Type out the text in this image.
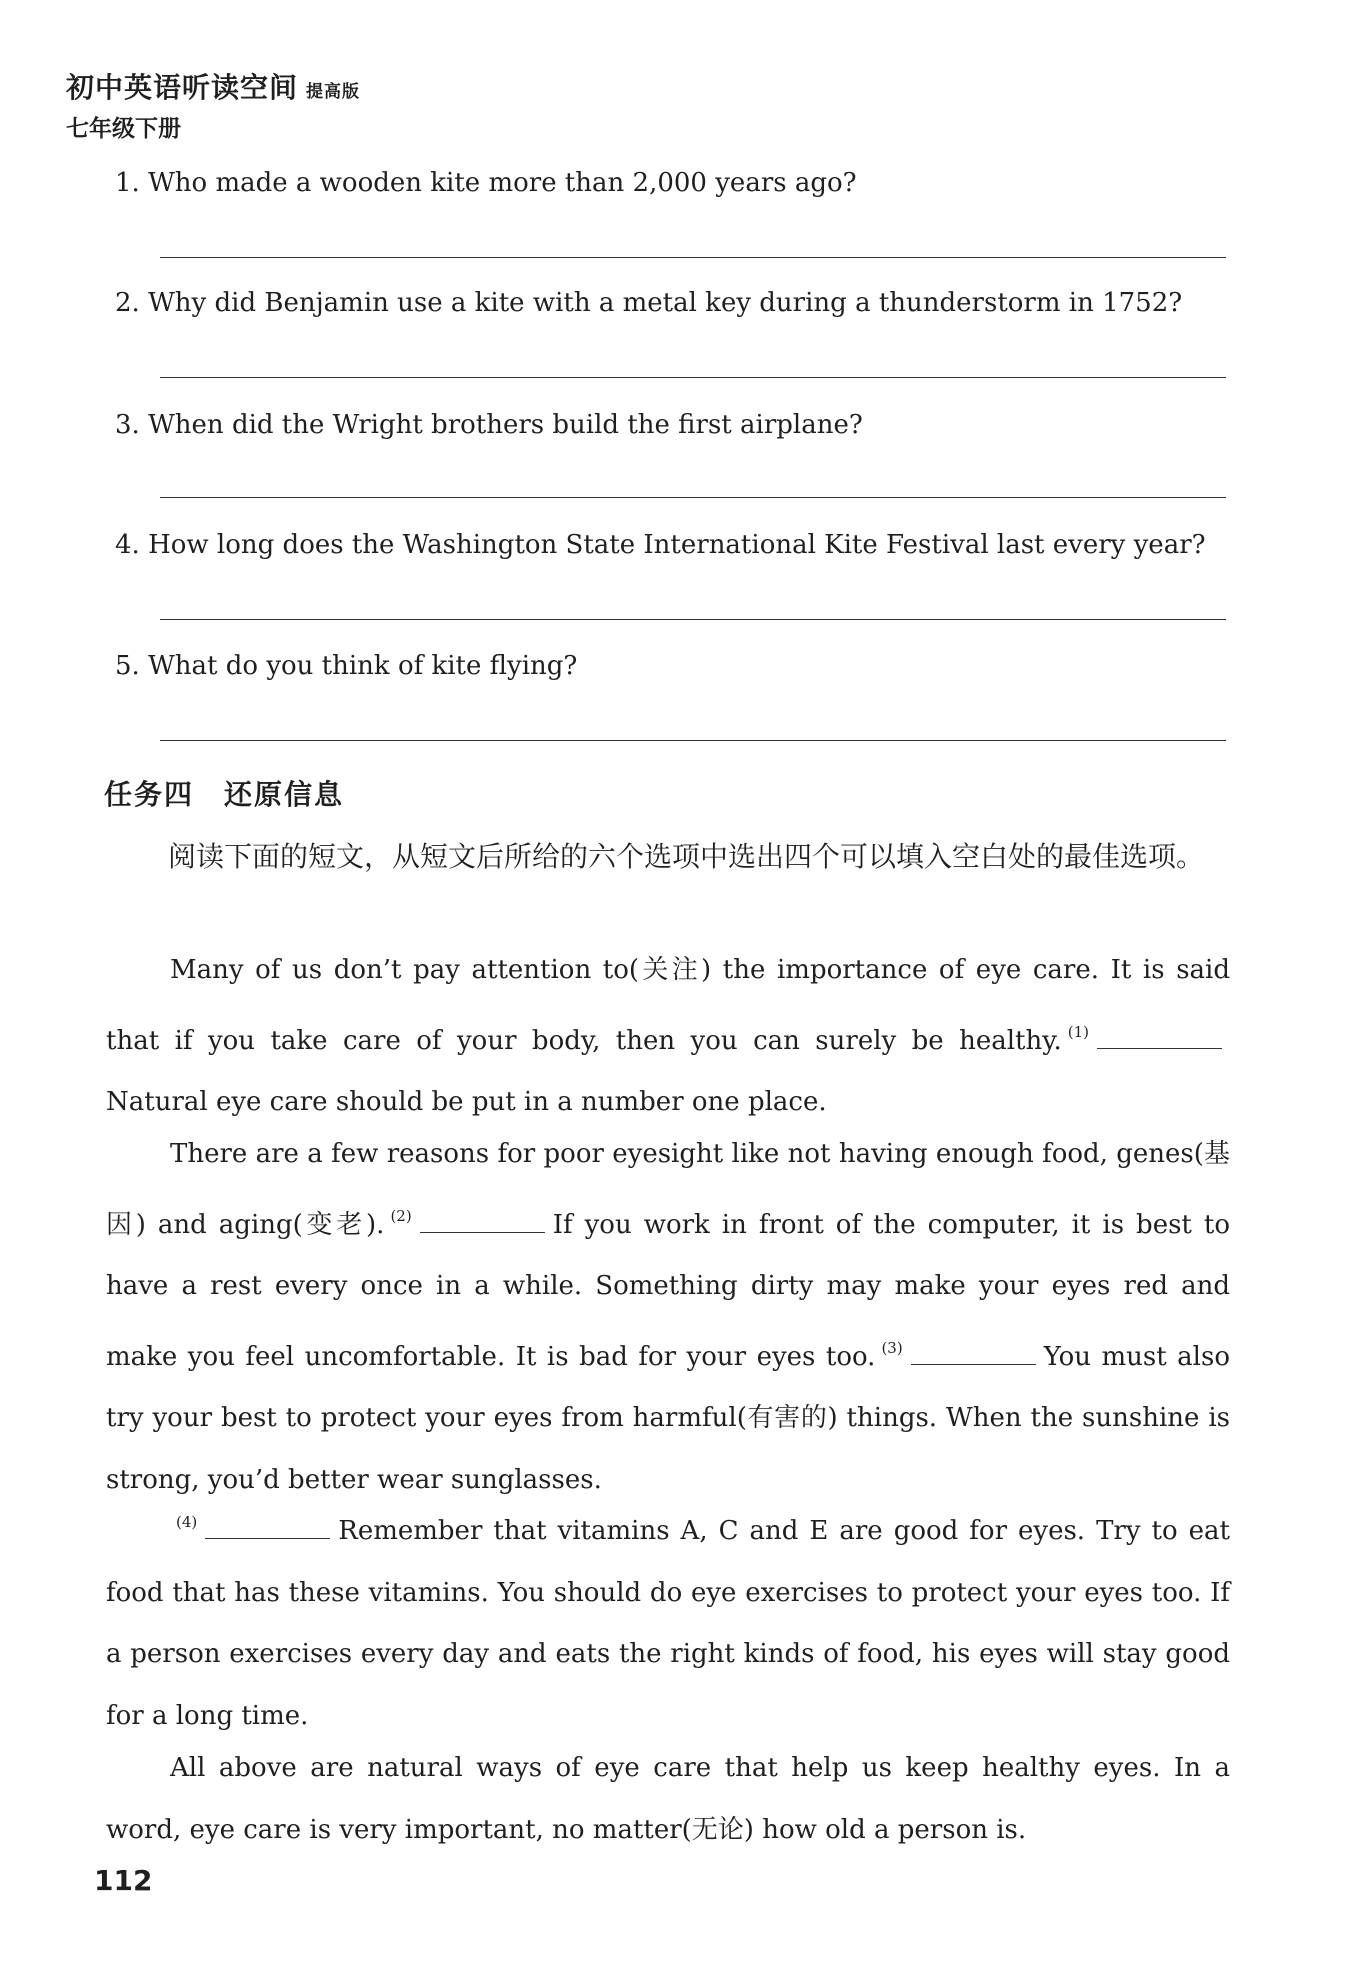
初中英语听读空间 提高版
七年级下册
1. Who made a wooden kite more than 2,000 years ago?
2. Why did Benjamin use a kite with a metal key during a thunderstorm in 1752?
3. When did the Wright brothers build the first airplane?
4. How long does the Washington State International Kite Festival last every year?
5. What do you think of kite flying?
任务四　还原信息
阅读下面的短文，从短文后所给的六个选项中选出四个可以填入空白处的最佳选项。
Many of us don’t pay attention to(关注) the importance of eye care. It is said that if you take care of your body, then you can surely be healthy. $^{(1)}$Natural eye care should be put in a number one place.
There are a few reasons for poor eyesight like not having enough food, genes(基因) and aging(变老). $^{(2)}$	If you work in front of the computer, it is best to have a rest every once in a while. Something dirty may make your eyes red and make you feel uncomfortable. It is bad for your eyes too. $^{(3)}$	You must also try your best to protect your eyes from harmful(有害的) things. When the sunshine is strong, you’d better wear sunglasses.
$^{(4)}$	Remember that vitamins A, C and E are good for eyes. Try to eat food that has these vitamins. You should do eye exercises to protect your eyes too. If a person exercises every day and eats the right kinds of food, his eyes will stay good for a long time.
All above are natural ways of eye care that help us keep healthy eyes. In a word, eye care is very important, no matter(无论) how old a person is.
112
